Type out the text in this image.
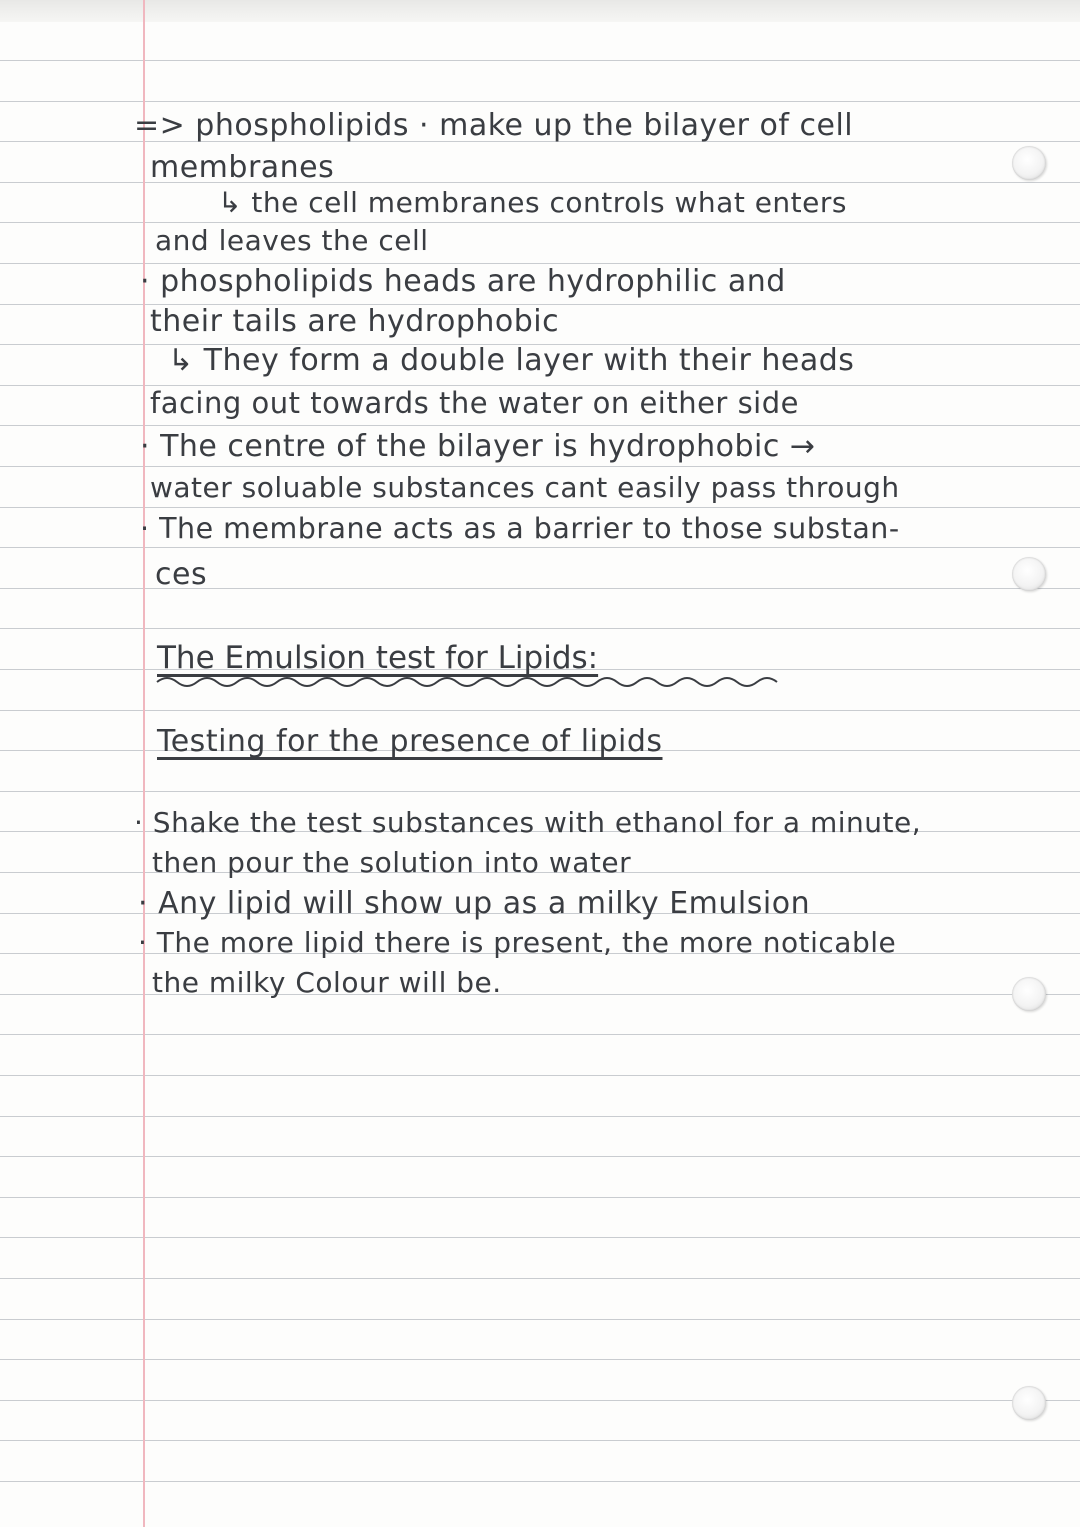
=> phospholipids · make up the bilayer of cell
membranes
↳ the cell membranes controls what enters
and leaves the cell
· phospholipids heads are hydrophilic and
their tails are hydrophobic
↳ They form a double layer with their heads
facing out towards the water on either side
· The centre of the bilayer is hydrophobic →
water soluable substances cant easily pass through
· The membrane acts as a barrier to those substan-
ces
The Emulsion test for Lipids:
Testing for the presence of lipids
· Shake the test substances with ethanol for a minute,
then pour the solution into water
· Any lipid will show up as a milky Emulsion
· The more lipid there is present, the more noticable
the milky Colour will be.
